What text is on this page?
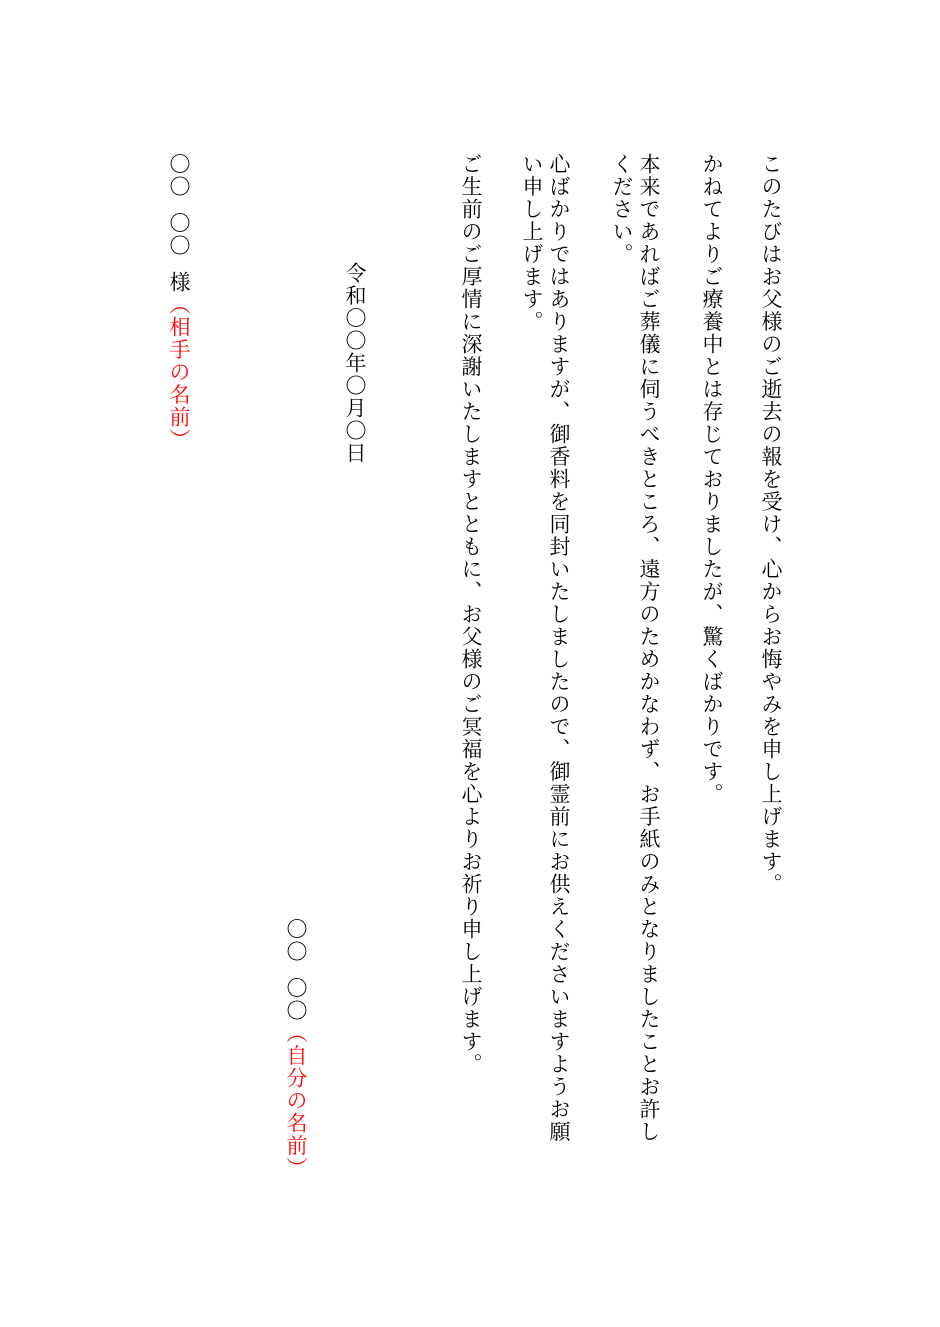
このたびはお父様のご逝去の報を受け、心からお悔やみを申し上げます。
かねてよりご療養中とは存じておりましたが、驚くばかりです。
本来であればご葬儀に伺うべきところ、遠方のためかなわず、お手紙のみとなりましたことお許しください。
心ばかりではありますが、御香料を同封いたしましたので、御霊前にお供えくださいますようお願い申し上げます。
ご生前のご厚情に深謝いたしますとともに、お父様のご冥福を心よりお祈り申し上げます。
令和〇〇年〇月〇日
〇〇〇〇（自分の名前）
〇〇〇〇様（相手の名前）
